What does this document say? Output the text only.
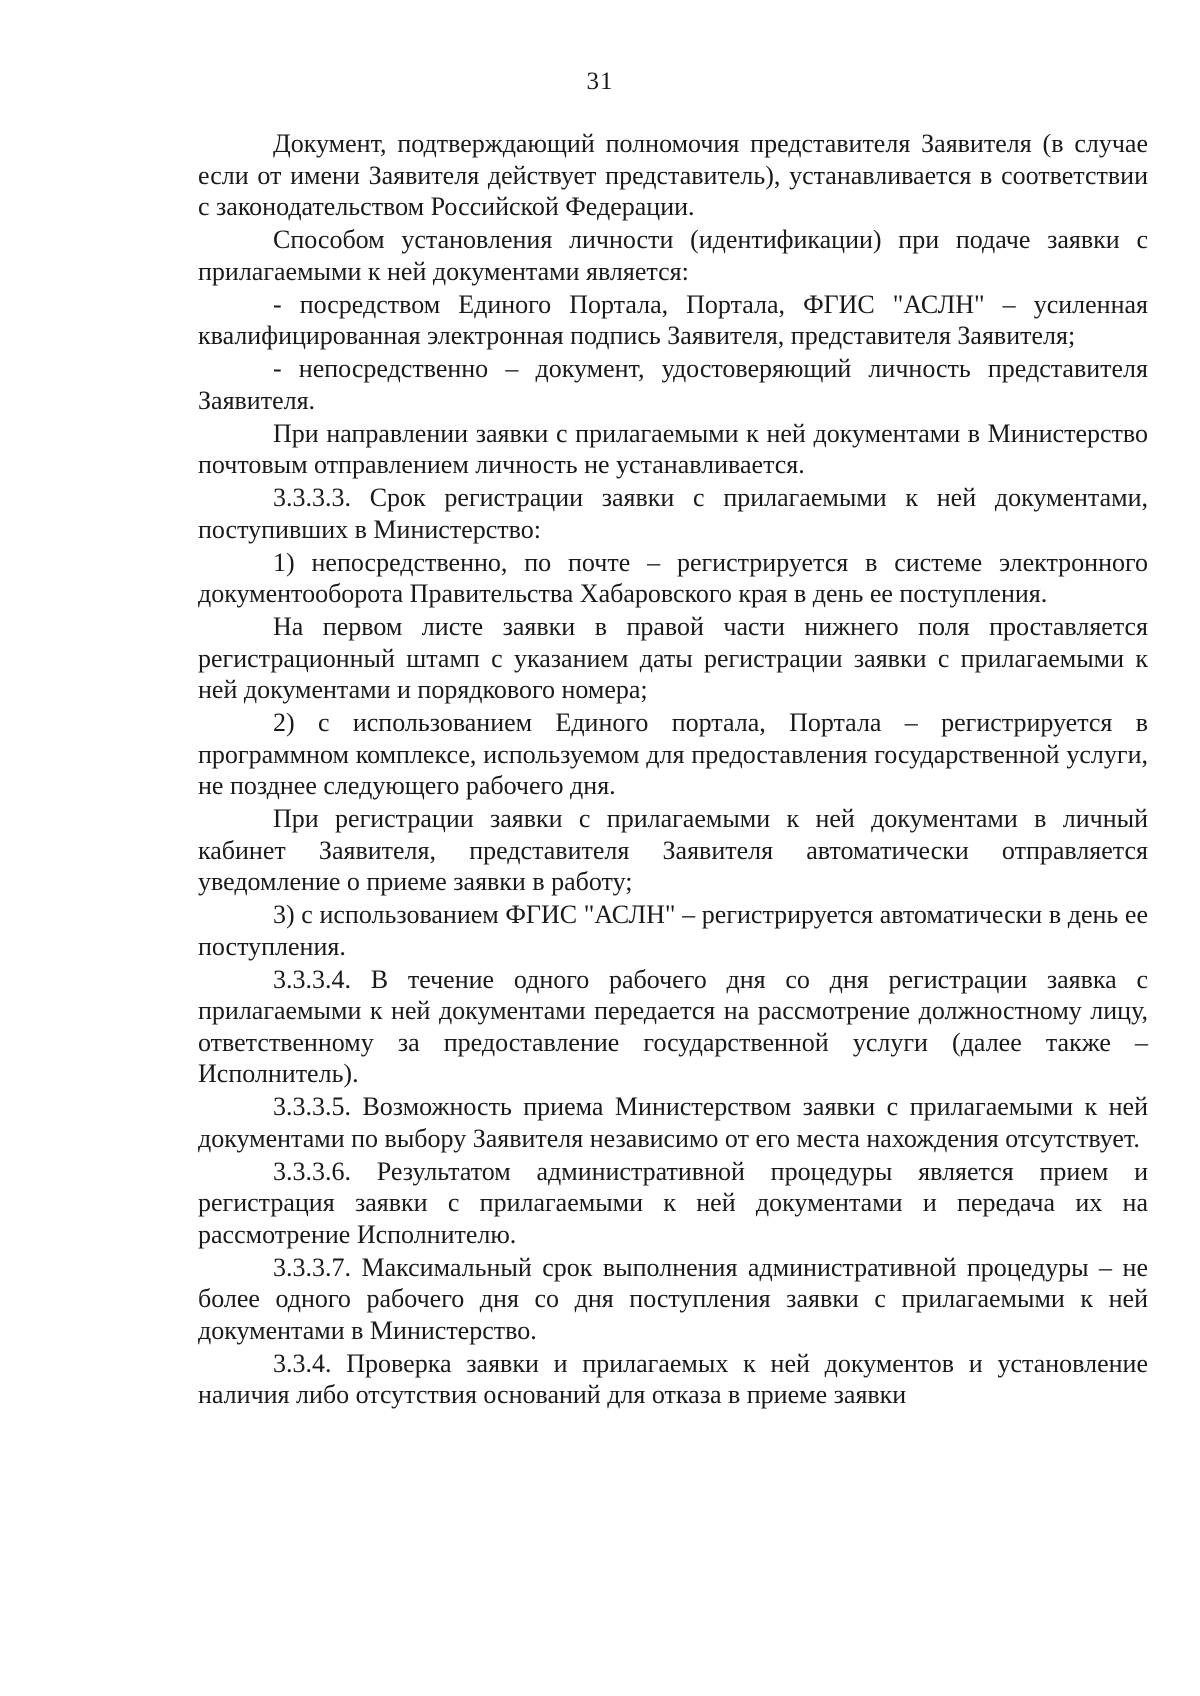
31

Документ, подтверждающий полномочия представителя Заявителя (в случае если от имени Заявителя действует представитель), устанавливается в соответствии с законодательством Российской Федерации.

Способом установления личности (идентификации) при подаче заявки с прилагаемыми к ней документами является:

- посредством Единого Портала, Портала, ФГИС "АСЛН" – усиленная квалифицированная электронная подпись Заявителя, представителя Заявителя;

- непосредственно – документ, удостоверяющий личность представителя Заявителя.

При направлении заявки с прилагаемыми к ней документами в Министерство почтовым отправлением личность не устанавливается.

3.3.3.3. Срок регистрации заявки с прилагаемыми к ней документами, поступивших в Министерство:

1) непосредственно, по почте – регистрируется в системе электронного документооборота Правительства Хабаровского края в день ее поступления.

На первом листе заявки в правой части нижнего поля проставляется регистрационный штамп с указанием даты регистрации заявки с прилагаемыми к ней документами и порядкового номера;

2) с использованием Единого портала, Портала – регистрируется в программном комплексе, используемом для предоставления государственной услуги, не позднее следующего рабочего дня.

При регистрации заявки с прилагаемыми к ней документами в личный кабинет Заявителя, представителя Заявителя автоматически отправляется уведомление о приеме заявки в работу;

3) с использованием ФГИС "АСЛН" – регистрируется автоматически в день ее поступления.

3.3.3.4. В течение одного рабочего дня со дня регистрации заявка с прилагаемыми к ней документами передается на рассмотрение должностному лицу, ответственному за предоставление государственной услуги (далее также – Исполнитель).

3.3.3.5. Возможность приема Министерством заявки с прилагаемыми к ней документами по выбору Заявителя независимо от его места нахождения отсутствует.

3.3.3.6. Результатом административной процедуры является прием и регистрация заявки с прилагаемыми к ней документами и передача их на рассмотрение Исполнителю.

3.3.3.7. Максимальный срок выполнения административной процедуры – не более одного рабочего дня со дня поступления заявки с прилагаемыми к ней документами в Министерство.

3.3.4. Проверка заявки и прилагаемых к ней документов и установление наличия либо отсутствия оснований для отказа в приеме заявки
